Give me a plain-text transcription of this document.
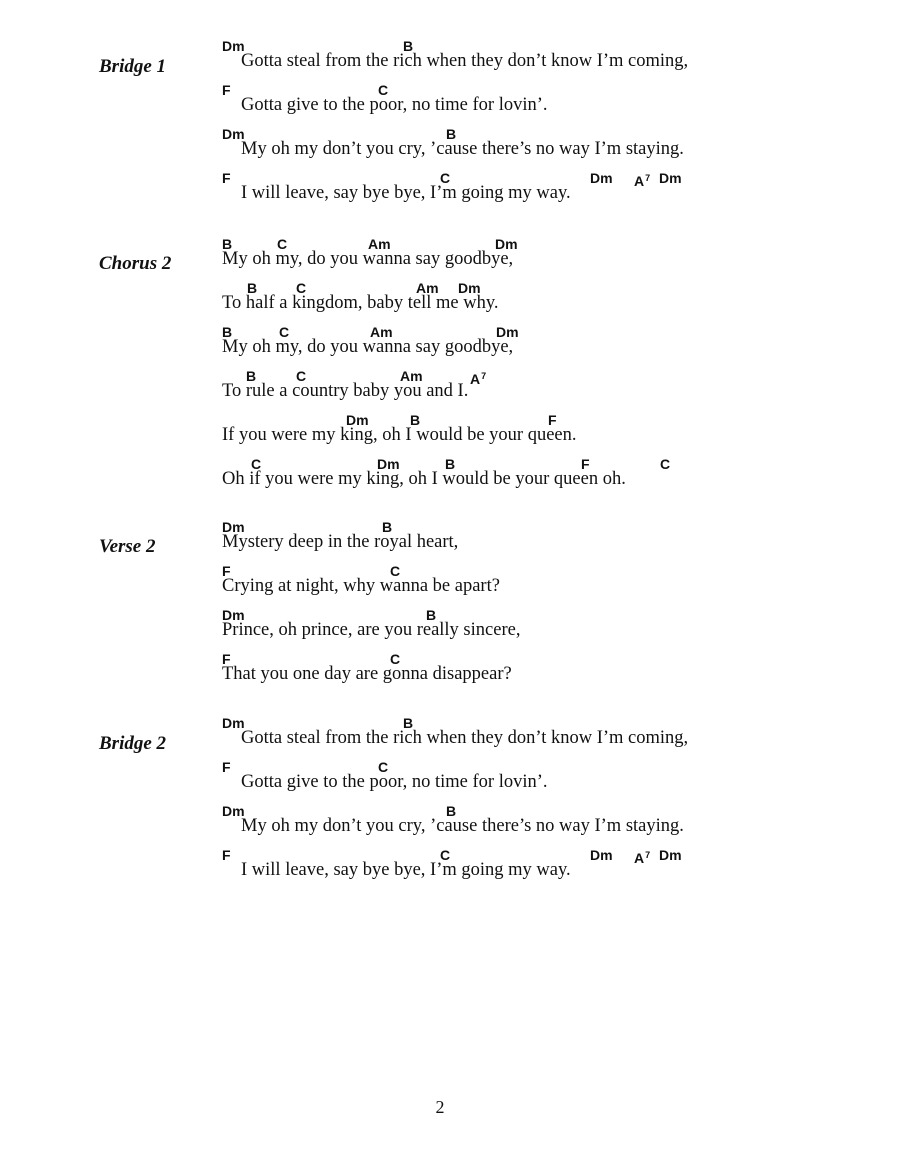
Bridge 1
Dm	B
Gotta steal from the rich when they don’t know I’m coming,
F	C
Gotta give to the poor, no time for lovin’.
Dm	B
My oh my don’t you cry, ’cause there’s no way I’m staying.
F	C	Dm $A^7$ Dm
I will leave, say bye bye, I’m going my way.
Chorus 2
B	C	Am	Dm
My oh my, do you wanna say goodbye,
B	C	Am Dm
To half a kingdom, baby tell me why.
B	C	Am	Dm
My oh my, do you wanna say goodbye,
B	C	Am	$A^7$
To rule a country baby you and I.
Dm	B	F
If you were my king, oh I would be your queen.
C	Dm	B	F	C
Oh if you were my king, oh I would be your queen oh.
Verse 2
Dm	B
Mystery deep in the royal heart,
F	C
Crying at night, why wanna be apart?
Dm	B
Prince, oh prince, are you really sincere,
F	C
That you one day are gonna disappear?
Bridge 2
Dm	B
Gotta steal from the rich when they don’t know I’m coming,
F	C
Gotta give to the poor, no time for lovin’.
Dm	B
My oh my don’t you cry, ’cause there’s no way I’m staying.
F	C	Dm $A^7$ Dm
I will leave, say bye bye, I’m going my way.
2
